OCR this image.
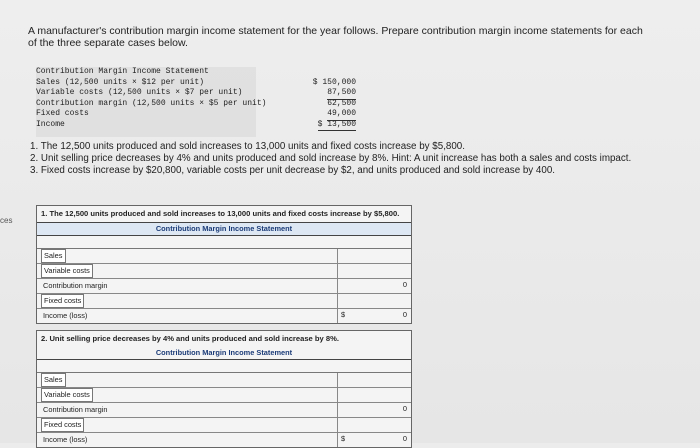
A manufacturer's contribution margin income statement for the year follows. Prepare contribution margin income statements for each of the three separate cases below.
Contribution Margin Income Statement
Sales (12,500 units × $12 per unit)	$ 150,000
Variable costs (12,500 units × $7 per unit)	87,500
Contribution margin (12,500 units × $5 per unit)	62,500
Fixed costs	49,000
Income	$ 13,500

1. The 12,500 units produced and sold increases to 13,000 units and fixed costs increase by $5,800.

2. Unit selling price decreases by 4% and units produced and sold increase by 8%. Hint: A unit increase has both a sales and costs impact.

3. Fixed costs increase by $20,800, variable costs per unit decrease by $2, and units produced and sold increase by 400.

ces
1. The 12,500 units produced and sold increases to 13,000 units and fixed costs increase by $5,800.
Contribution Margin Income Statement
Sales
Variable costs
Contribution margin	0
Fixed costs
Income (loss)	$	0
2. Unit selling price decreases by 4% and units produced and sold increase by 8%.
Contribution Margin Income Statement
Sales
Variable costs
Contribution margin	0
Fixed costs
Income (loss)	$	0
